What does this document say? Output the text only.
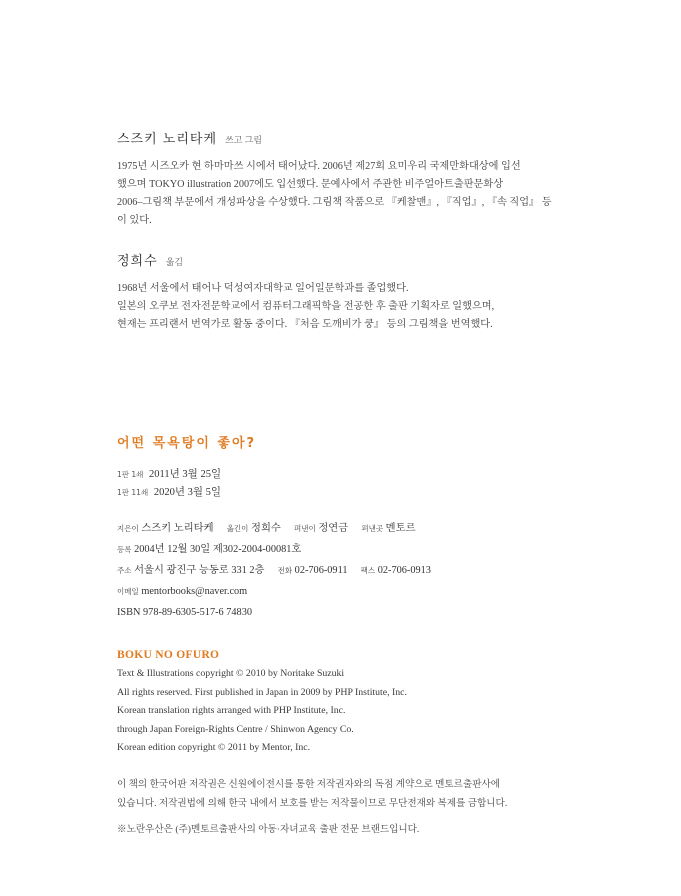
스즈키 노리타케 쓰고 그림
1975년 시즈오카 현 하마마쓰 시에서 태어났다. 2006년 제27회 요미우리 국제만화대상에 입선
했으며 TOKYO illustration 2007에도 입선했다. 문예사에서 주관한 비주얼아트출판문화상
2006–그림책 부문에서 개성파상을 수상했다. 그림책 작품으로 『케찰맨』, 『직업』, 『속 직업』 등
이 있다.
정희수 옮김
1968년 서울에서 태어나 덕성여자대학교 일어일문학과를 졸업했다.
일본의 오쿠보 전자전문학교에서 컴퓨터그래픽학을 전공한 후 출판 기획자로 일했으며,
현재는 프리랜서 번역가로 활동 중이다. 『처음 도깨비가 쿵』 등의 그림책을 번역했다.
어떤 목욕탕이 좋아?
1판 1쇄 2011년 3월 25일
1판 11쇄 2020년 3월 5일
지은이 스즈키 노리타케 옮긴이 정희수 펴낸이 정연금 펴낸곳 멘토르
등록 2004년 12월 30일 제302-2004-00081호
주소 서울시 광진구 능동로 331 2층 전화 02-706-0911 팩스 02-706-0913
이메일 mentorbooks@naver.com
ISBN 978-89-6305-517-6 74830
BOKU NO OFURO
Text & Illustrations copyright © 2010 by Noritake Suzuki
All rights reserved. First published in Japan in 2009 by PHP Institute, Inc.
Korean translation rights arranged with PHP Institute, Inc.
through Japan Foreign-Rights Centre / Shinwon Agency Co.
Korean edition copyright © 2011 by Mentor, Inc.
이 책의 한국어판 저작권은 신원에이전시를 통한 저작권자와의 독점 계약으로 멘토르출판사에
있습니다. 저작권법에 의해 한국 내에서 보호를 받는 저작물이므로 무단전재와 복제를 금합니다.
※노란우산은 (주)멘토르출판사의 아동·자녀교육 출판 전문 브랜드입니다.
